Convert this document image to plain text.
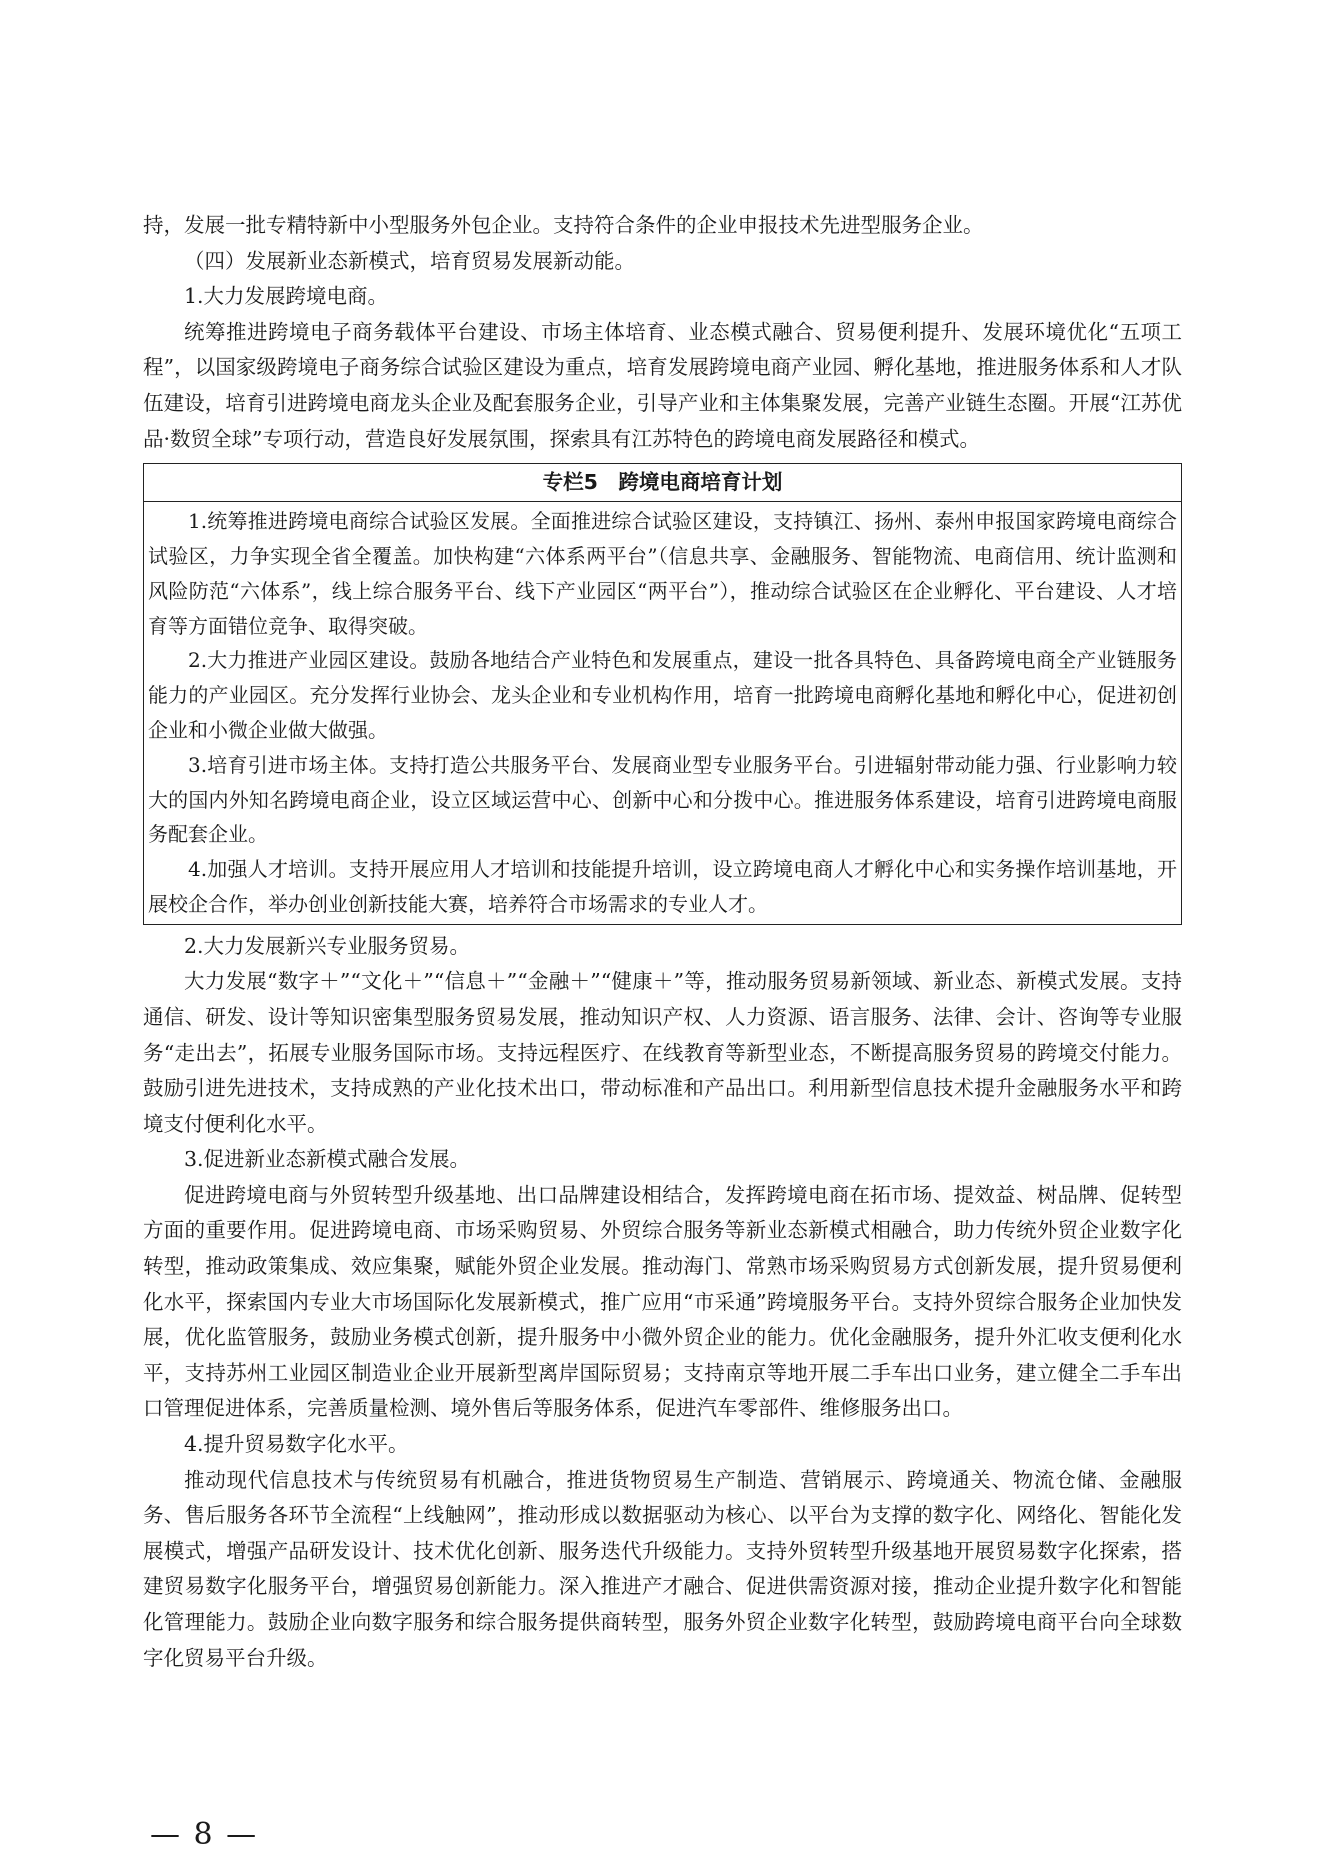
持，发展一批专精特新中小型服务外包企业。支持符合条件的企业申报技术先进型服务企业。

（四）发展新业态新模式，培育贸易发展新动能。

1.大力发展跨境电商。

统筹推进跨境电子商务载体平台建设、市场主体培育、业态模式融合、贸易便利提升、发展环境优化“五项工程”，以国家级跨境电子商务综合试验区建设为重点，培育发展跨境电商产业园、孵化基地，推进服务体系和人才队伍建设，培育引进跨境电商龙头企业及配套服务企业，引导产业和主体集聚发展，完善产业链生态圈。开展“江苏优品·数贸全球”专项行动，营造良好发展氛围，探索具有江苏特色的跨境电商发展路径和模式。

专栏5　跨境电商培育计划

1.统筹推进跨境电商综合试验区发展。全面推进综合试验区建设，支持镇江、扬州、泰州申报国家跨境电商综合试验区，力争实现全省全覆盖。加快构建“六体系两平台”（信息共享、金融服务、智能物流、电商信用、统计监测和风险防范“六体系”，线上综合服务平台、线下产业园区“两平台”），推动综合试验区在企业孵化、平台建设、人才培育等方面错位竞争、取得突破。

2.大力推进产业园区建设。鼓励各地结合产业特色和发展重点，建设一批各具特色、具备跨境电商全产业链服务能力的产业园区。充分发挥行业协会、龙头企业和专业机构作用，培育一批跨境电商孵化基地和孵化中心，促进初创企业和小微企业做大做强。

3.培育引进市场主体。支持打造公共服务平台、发展商业型专业服务平台。引进辐射带动能力强、行业影响力较大的国内外知名跨境电商企业，设立区域运营中心、创新中心和分拨中心。推进服务体系建设，培育引进跨境电商服务配套企业。

4.加强人才培训。支持开展应用人才培训和技能提升培训，设立跨境电商人才孵化中心和实务操作培训基地，开展校企合作，举办创业创新技能大赛，培养符合市场需求的专业人才。

2.大力发展新兴专业服务贸易。

大力发展“数字＋”“文化＋”“信息＋”“金融＋”“健康＋”等，推动服务贸易新领域、新业态、新模式发展。支持通信、研发、设计等知识密集型服务贸易发展，推动知识产权、人力资源、语言服务、法律、会计、咨询等专业服务“走出去”，拓展专业服务国际市场。支持远程医疗、在线教育等新型业态，不断提高服务贸易的跨境交付能力。鼓励引进先进技术，支持成熟的产业化技术出口，带动标准和产品出口。利用新型信息技术提升金融服务水平和跨境支付便利化水平。

3.促进新业态新模式融合发展。

促进跨境电商与外贸转型升级基地、出口品牌建设相结合，发挥跨境电商在拓市场、提效益、树品牌、促转型方面的重要作用。促进跨境电商、市场采购贸易、外贸综合服务等新业态新模式相融合，助力传统外贸企业数字化转型，推动政策集成、效应集聚，赋能外贸企业发展。推动海门、常熟市场采购贸易方式创新发展，提升贸易便利化水平，探索国内专业大市场国际化发展新模式，推广应用“市采通”跨境服务平台。支持外贸综合服务企业加快发展，优化监管服务，鼓励业务模式创新，提升服务中小微外贸企业的能力。优化金融服务，提升外汇收支便利化水平，支持苏州工业园区制造业企业开展新型离岸国际贸易；支持南京等地开展二手车出口业务，建立健全二手车出口管理促进体系，完善质量检测、境外售后等服务体系，促进汽车零部件、维修服务出口。

4.提升贸易数字化水平。

推动现代信息技术与传统贸易有机融合，推进货物贸易生产制造、营销展示、跨境通关、物流仓储、金融服务、售后服务各环节全流程“上线触网”，推动形成以数据驱动为核心、以平台为支撑的数字化、网络化、智能化发展模式，增强产品研发设计、技术优化创新、服务迭代升级能力。支持外贸转型升级基地开展贸易数字化探索，搭建贸易数字化服务平台，增强贸易创新能力。深入推进产才融合、促进供需资源对接，推动企业提升数字化和智能化管理能力。鼓励企业向数字服务和综合服务提供商转型，服务外贸企业数字化转型，鼓励跨境电商平台向全球数字化贸易平台升级。

— 8 —
